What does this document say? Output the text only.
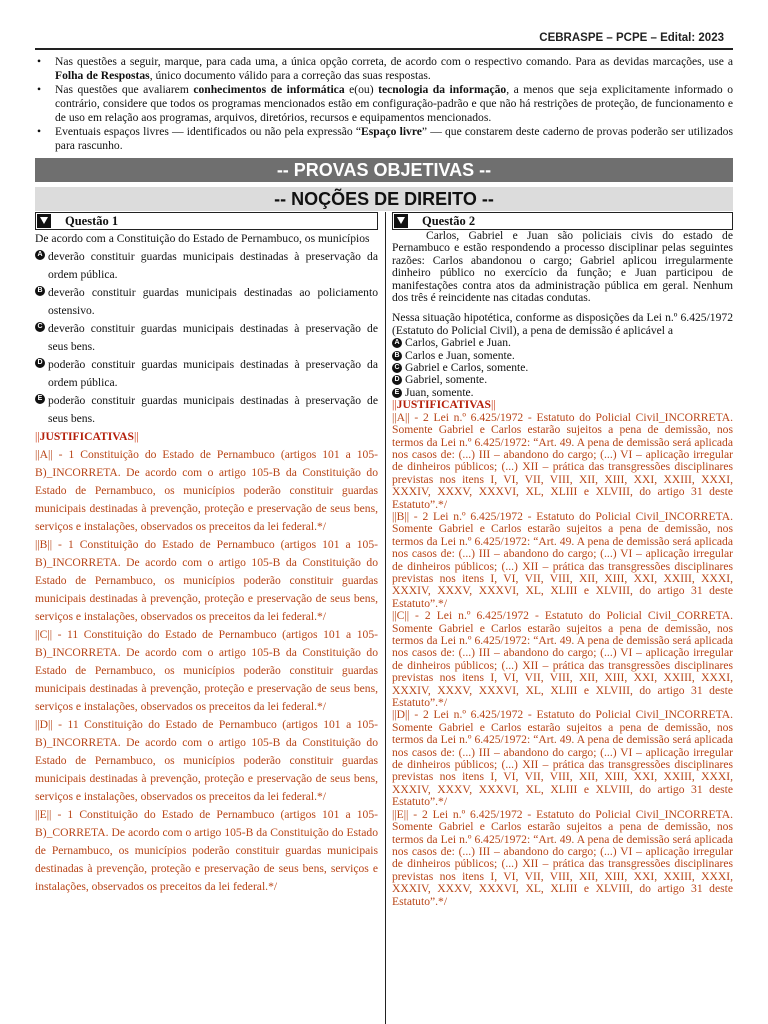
CEBRASPE – PCPE – Edital: 2023
• Nas questões a seguir, marque, para cada uma, a única opção correta, de acordo com o respectivo comando. Para as devidas marcações, use a Folha de Respostas, único documento válido para a correção das suas respostas.
• Nas questões que avaliarem conhecimentos de informática e(ou) tecnologia da informação, a menos que seja explicitamente informado o contrário, considere que todos os programas mencionados estão em configuração-padrão e que não há restrições de proteção, de funcionamento e de uso em relação aos programas, arquivos, diretórios, recursos e equipamentos mencionados.
• Eventuais espaços livres — identificados ou não pela expressão “Espaço livre” — que constarem deste caderno de provas poderão ser utilizados para rascunho.
-- PROVAS OBJETIVAS --
-- NOÇÕES DE DIREITO --
Questão 1

De acordo com a Constituição do Estado de Pernambuco, os municípios

A deverão constituir guardas municipais destinadas à preservação da ordem pública.
B deverão constituir guardas municipais destinadas ao policiamento ostensivo.
C deverão constituir guardas municipais destinadas à preservação de seus bens.
D poderão constituir guardas municipais destinadas à preservação da ordem pública.
E poderão constituir guardas municipais destinadas à preservação de seus bens.
||JUSTIFICATIVAS||

||A|| - 1 Constituição do Estado de Pernambuco (artigos 101 a 105-B)_INCORRETA. De acordo com o artigo 105-B da Constituição do Estado de Pernambuco, os municípios poderão constituir guardas municipais destinadas à prevenção, proteção e preservação de seus bens, serviços e instalações, observados os preceitos da lei federal.*/

||B|| - 1 Constituição do Estado de Pernambuco (artigos 101 a 105-B)_INCORRETA. De acordo com o artigo 105-B da Constituição do Estado de Pernambuco, os municípios poderão constituir guardas municipais destinadas à prevenção, proteção e preservação de seus bens, serviços e instalações, observados os preceitos da lei federal.*/

||C|| - 11 Constituição do Estado de Pernambuco (artigos 101 a 105-B)_INCORRETA. De acordo com o artigo 105-B da Constituição do Estado de Pernambuco, os municípios poderão constituir guardas municipais destinadas à prevenção, proteção e preservação de seus bens, serviços e instalações, observados os preceitos da lei federal.*/

||D|| - 11 Constituição do Estado de Pernambuco (artigos 101 a 105-B)_INCORRETA. De acordo com o artigo 105-B da Constituição do Estado de Pernambuco, os municípios poderão constituir guardas municipais destinadas à prevenção, proteção e preservação de seus bens, serviços e instalações, observados os preceitos da lei federal.*/

||E|| - 1 Constituição do Estado de Pernambuco (artigos 101 a 105-B)_CORRETA. De acordo com o artigo 105-B da Constituição do Estado de Pernambuco, os municípios poderão constituir guardas municipais destinadas à prevenção, proteção e preservação de seus bens, serviços e instalações, observados os preceitos da lei federal.*/

Questão 2

Carlos, Gabriel e Juan são policiais civis do estado de Pernambuco e estão respondendo a processo disciplinar pelas seguintes razões: Carlos abandonou o cargo; Gabriel aplicou irregularmente dinheiro público no exercício da função; e Juan participou de manifestações contra atos da administração pública em geral. Nenhum dos três é reincidente nas citadas condutas.

Nessa situação hipotética, conforme as disposições da Lei n.º 6.425/1972 (Estatuto do Policial Civil), a pena de demissão é aplicável a

A Carlos, Gabriel e Juan.
B Carlos e Juan, somente.
C Gabriel e Carlos, somente.
D Gabriel, somente.
E Juan, somente.
||JUSTIFICATIVAS||

||A|| - 2 Lei n.º 6.425/1972 - Estatuto do Policial Civil_INCORRETA. Somente Gabriel e Carlos estarão sujeitos a pena de demissão, nos termos da Lei n.º 6.425/1972: “Art. 49. A pena de demissão será aplicada nos casos de: (...) III – abandono do cargo; (...) VI – aplicação irregular de dinheiros públicos; (...) XII – prática das transgressões disciplinares previstas nos itens I, VI, VII, VIII, XII, XIII, XXI, XXIII, XXXI, XXXIV, XXXV, XXXVI, XL, XLIII e XLVIII, do artigo 31 deste Estatuto”.*/

||B|| - 2 Lei n.º 6.425/1972 - Estatuto do Policial Civil_INCORRETA. Somente Gabriel e Carlos estarão sujeitos a pena de demissão, nos termos da Lei n.º 6.425/1972: “Art. 49. A pena de demissão será aplicada nos casos de: (...) III – abandono do cargo; (...) VI – aplicação irregular de dinheiros públicos; (...) XII – prática das transgressões disciplinares previstas nos itens I, VI, VII, VIII, XII, XIII, XXI, XXIII, XXXI, XXXIV, XXXV, XXXVI, XL, XLIII e XLVIII, do artigo 31 deste Estatuto”.*/

||C|| - 2 Lei n.º 6.425/1972 - Estatuto do Policial Civil_CORRETA. Somente Gabriel e Carlos estarão sujeitos a pena de demissão, nos termos da Lei n.º 6.425/1972: “Art. 49. A pena de demissão será aplicada nos casos de: (...) III – abandono do cargo; (...) VI – aplicação irregular de dinheiros públicos; (...) XII – prática das transgressões disciplinares previstas nos itens I, VI, VII, VIII, XII, XIII, XXI, XXIII, XXXI, XXXIV, XXXV, XXXVI, XL, XLIII e XLVIII, do artigo 31 deste Estatuto”.*/

||D|| - 2 Lei n.º 6.425/1972 - Estatuto do Policial Civil_INCORRETA. Somente Gabriel e Carlos estarão sujeitos a pena de demissão, nos termos da Lei n.º 6.425/1972: “Art. 49. A pena de demissão será aplicada nos casos de: (...) III – abandono do cargo; (...) VI – aplicação irregular de dinheiros públicos; (...) XII – prática das transgressões disciplinares previstas nos itens I, VI, VII, VIII, XII, XIII, XXI, XXIII, XXXI, XXXIV, XXXV, XXXVI, XL, XLIII e XLVIII, do artigo 31 deste Estatuto”.*/

||E|| - 2 Lei n.º 6.425/1972 - Estatuto do Policial Civil_INCORRETA. Somente Gabriel e Carlos estarão sujeitos a pena de demissão, nos termos da Lei n.º 6.425/1972: “Art. 49. A pena de demissão será aplicada nos casos de: (...) III – abandono do cargo; (...) VI – aplicação irregular de dinheiros públicos; (...) XII – prática das transgressões disciplinares previstas nos itens I, VI, VII, VIII, XII, XIII, XXI, XXIII, XXXI, XXXIV, XXXV, XXXVI, XL, XLIII e XLVIII, do artigo 31 deste Estatuto”.*/
